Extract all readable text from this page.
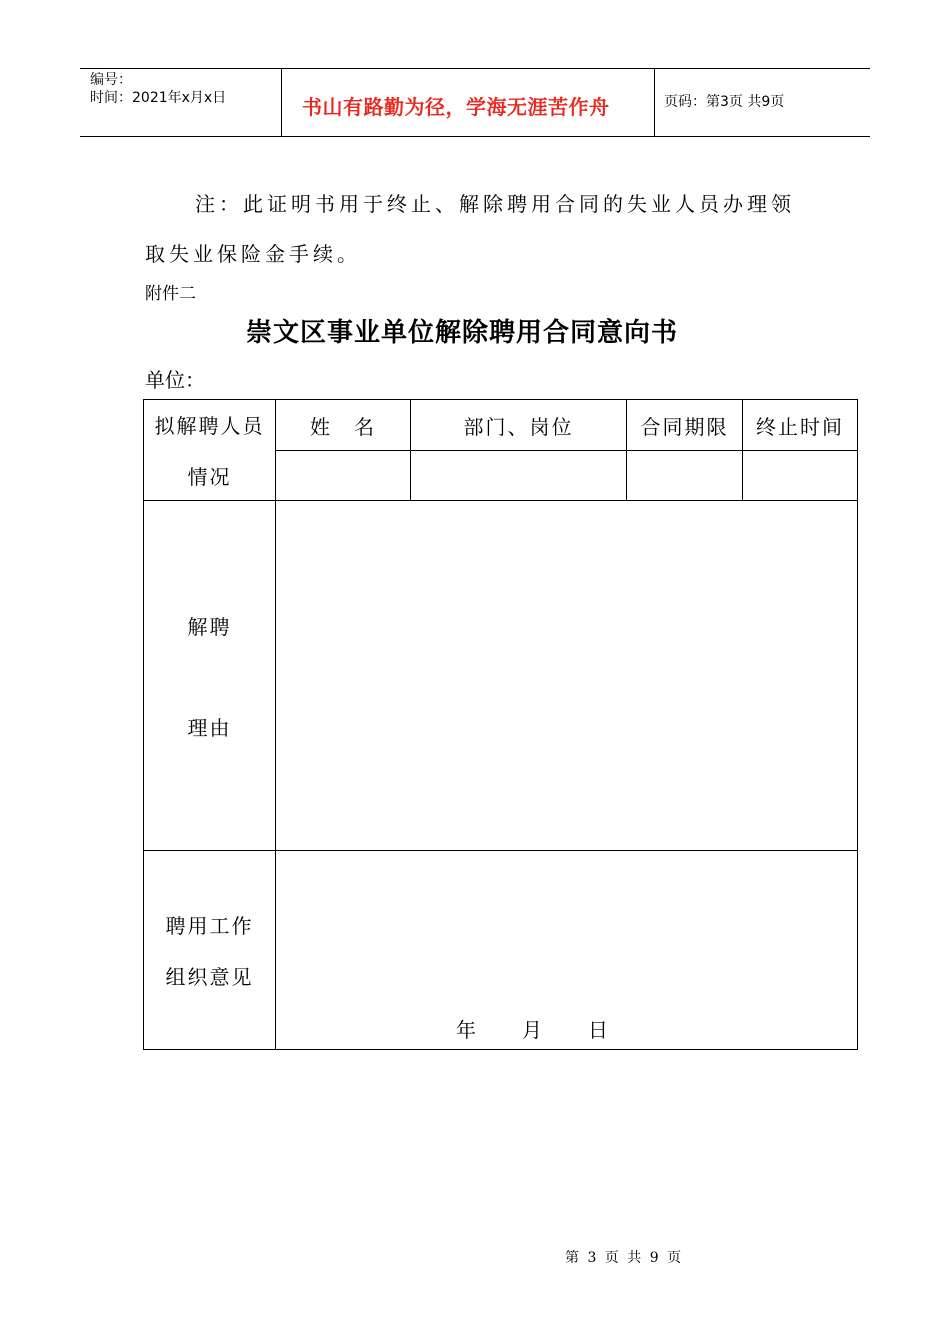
编号：
时间：2021年x月x日	书山有路勤为径，学海无涯苦作舟	页码：第3页 共9页
注：此证明书用于终止、解除聘用合同的失业人员办理领
取失业保险金手续。
附件二
崇文区事业单位解除聘用合同意向书
单位：
拟解聘人员
情况	姓　名	部门、岗位	合同期限	终止时间

解聘
理由				

聘用工作
组织意见	年　　月　　日			
第 3 页 共 9 页
